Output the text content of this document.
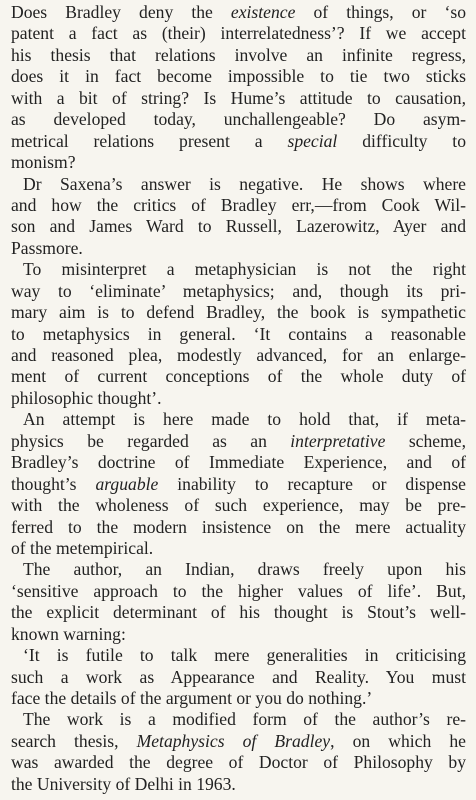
Does Bradley deny the existence of things, or ‘so
patent a fact as (their) interrelatedness’? If we accept
his thesis that relations involve an infinite regress,
does it in fact become impossible to tie two sticks
with a bit of string? Is Hume’s attitude to causation,
as developed today, unchallengeable? Do asym-
metrical relations present a special difficulty to
monism?
Dr Saxena’s answer is negative. He shows where
and how the critics of Bradley err,—from Cook Wil-
son and James Ward to Russell, Lazerowitz, Ayer and
Passmore.
To misinterpret a metaphysician is not the right
way to ‘eliminate’ metaphysics; and, though its pri-
mary aim is to defend Bradley, the book is sympathetic
to metaphysics in general. ‘It contains a reasonable
and reasoned plea, modestly advanced, for an enlarge-
ment of current conceptions of the whole duty of
philosophic thought’.
An attempt is here made to hold that, if meta-
physics be regarded as an interpretative scheme,
Bradley’s doctrine of Immediate Experience, and of
thought’s arguable inability to recapture or dispense
with the wholeness of such experience, may be pre-
ferred to the modern insistence on the mere actuality
of the metempirical.
The author, an Indian, draws freely upon his
‘sensitive approach to the higher values of life’. But,
the explicit determinant of his thought is Stout’s well-
known warning:
‘It is futile to talk mere generalities in criticising
such a work as Appearance and Reality. You must
face the details of the argument or you do nothing.’
The work is a modified form of the author’s re-
search thesis, Metaphysics of Bradley, on which he
was awarded the degree of Doctor of Philosophy by
the University of Delhi in 1963.
